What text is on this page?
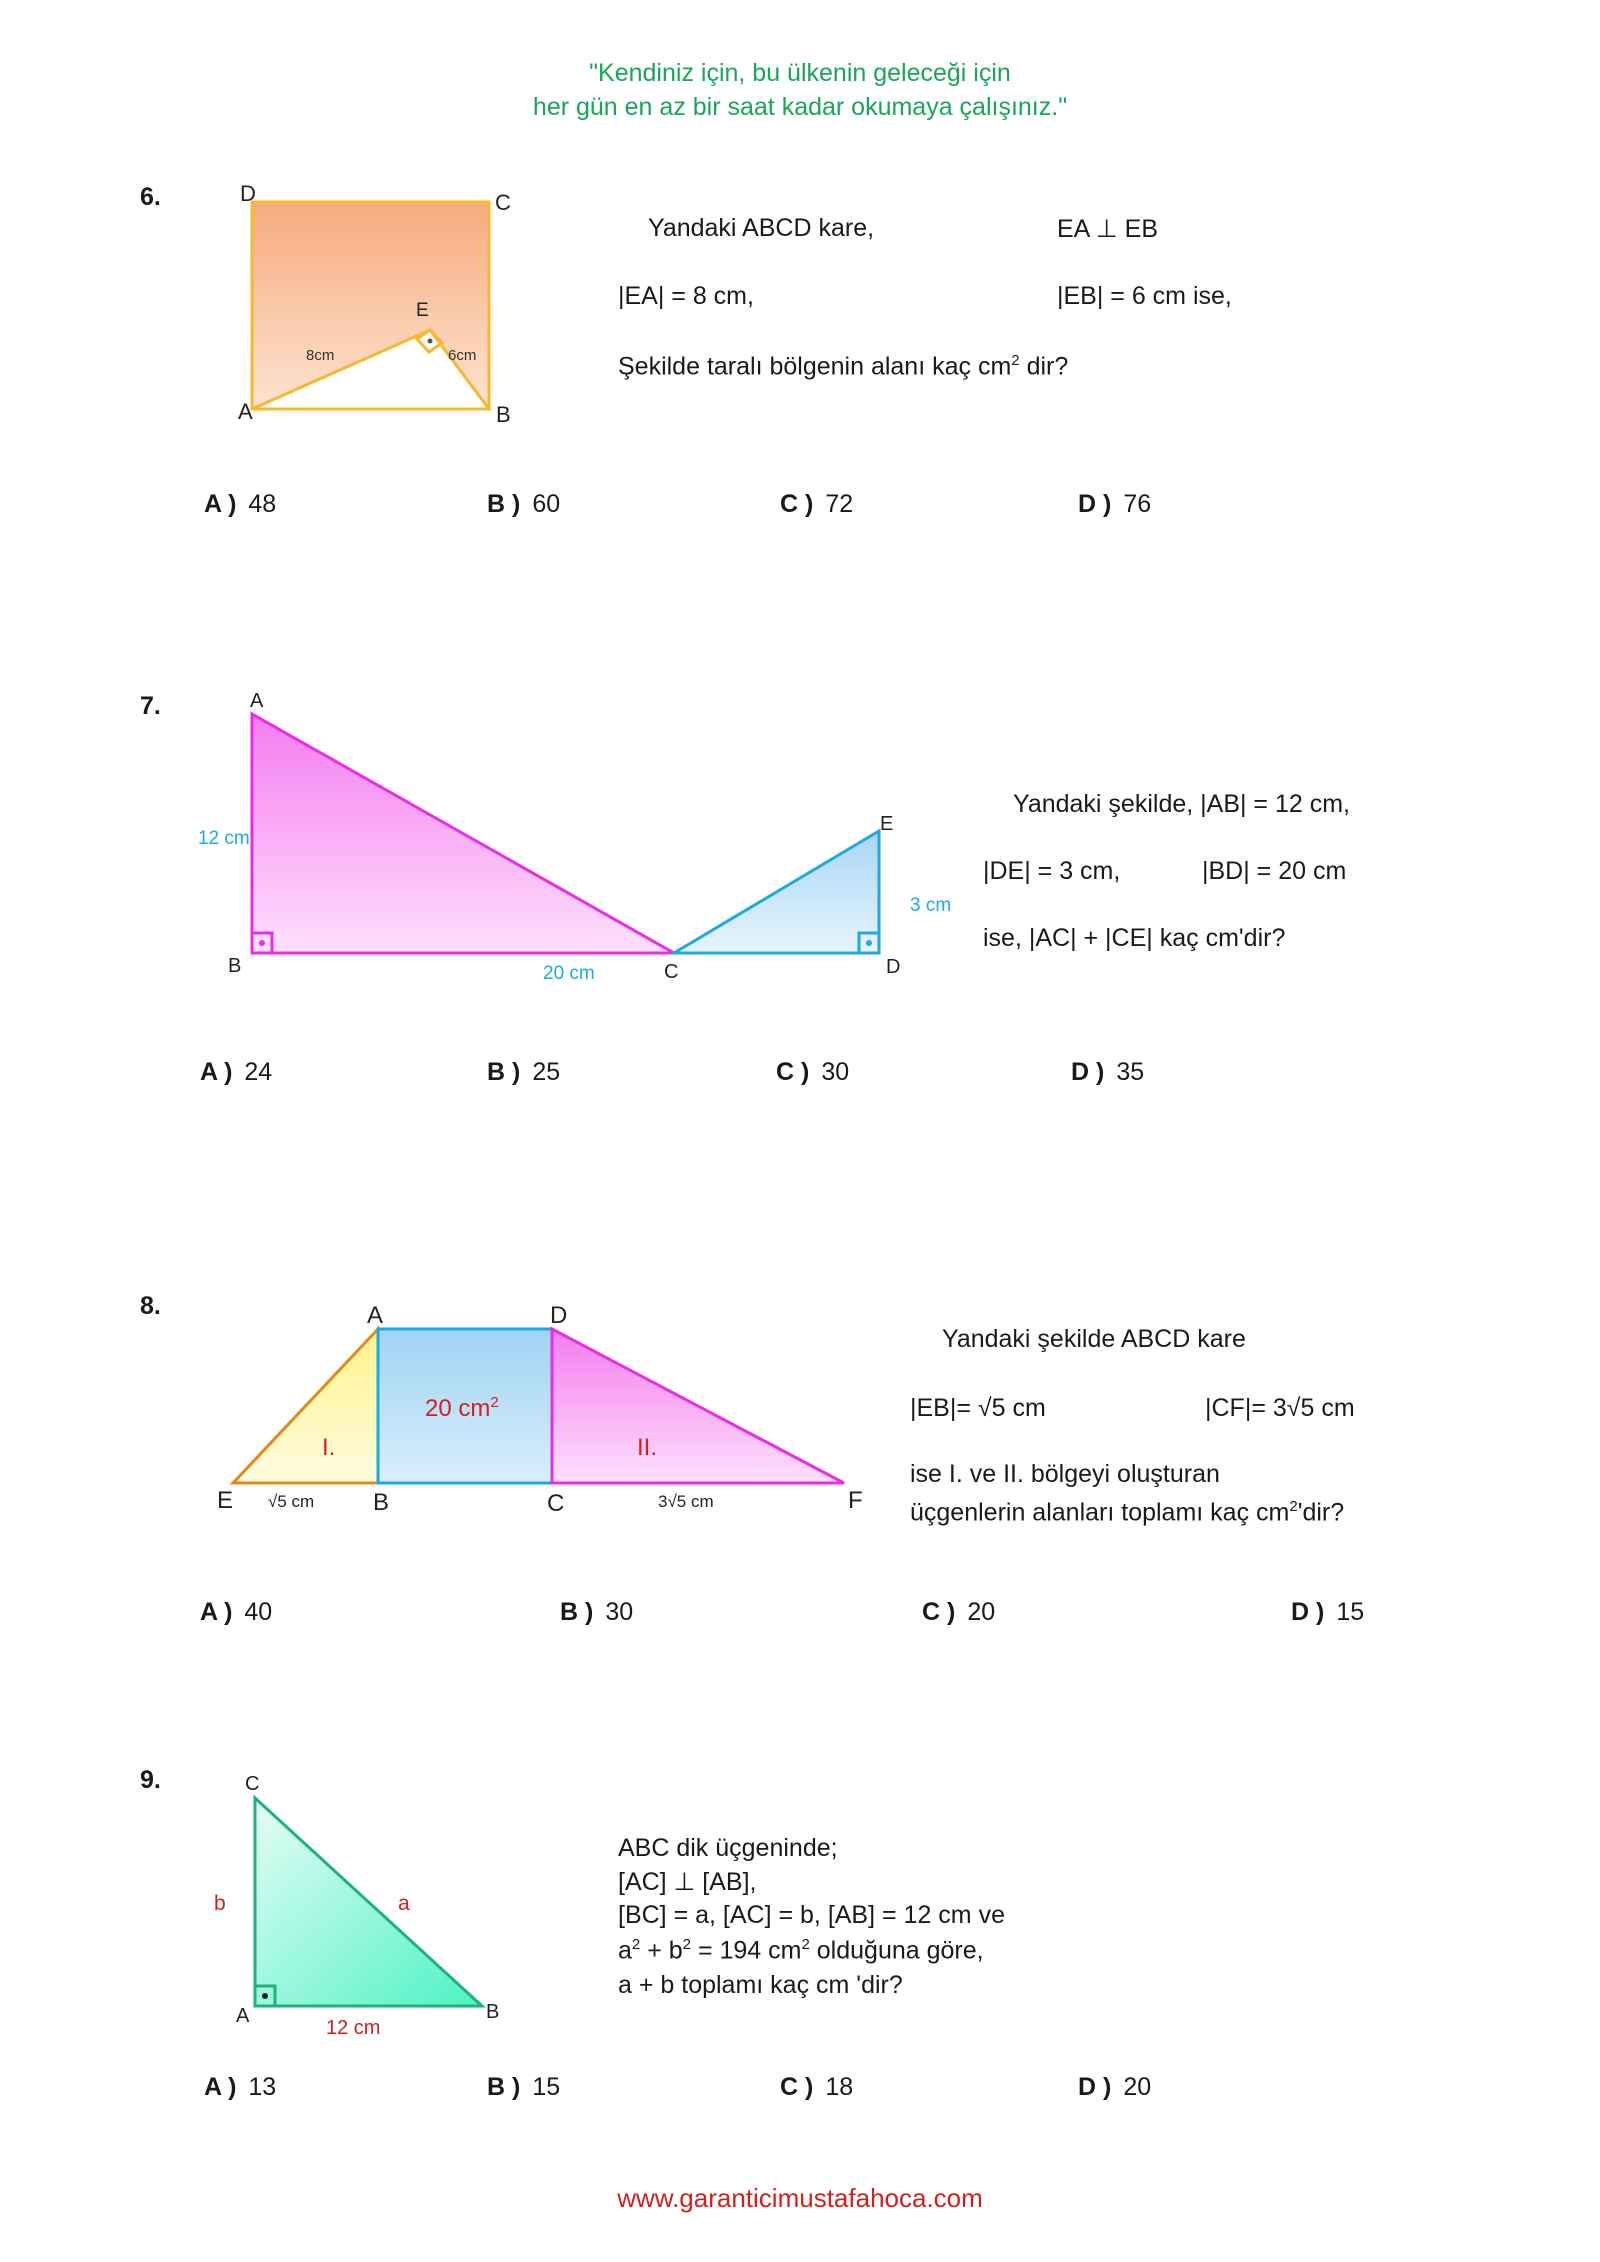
"Kendiniz için, bu ülkenin geleceği için
her gün en az bir saat kadar okumaya çalışınız."
6.	D	C
A	B
E
8cm	6cm
Yandaki ABCD kare,	EA ⊥ EB
|EA| = 8 cm,	|EB| = 6 cm ise,
Şekilde taralı bölgenin alanı kaç $cm^2$ dir?
A ) 48	B ) 60	C ) 72	D ) 76
7.	A
B	C	D
E
12 cm
20 cm
3 cm
Yandaki şekilde, |AB| = 12 cm,
|DE| = 3 cm,	|BD| = 20 cm
ise, |AC| + |CE| kaç cm'dir?
A ) 24	B ) 25	C ) 30	D ) 35
8.	A	D
E	B	C	F
20 $cm^2$
I.	II.
√5 cm	3√5 cm
Yandaki şekilde ABCD kare
|EB|= √5 cm	|CF|= 3√5 cm
ise I. ve II. bölgeyi oluşturan
üçgenlerin alanları toplamı kaç $cm^2'dir$?
A ) 40	B ) 30	C ) 20	D ) 15
9.	C
A	B
b	a
12 cm
ABC dik üçgeninde;
[AC] ⊥ [AB],
[BC] = a, [AC] = b, [AB] = 12 cm ve
$a^2 + b^2 = 194$ $cm^2$ olduğuna göre,
a + b toplamı kaç cm 'dir?
A ) 13	B ) 15	C ) 18	D ) 20
www.garanticimustafahoca.com
